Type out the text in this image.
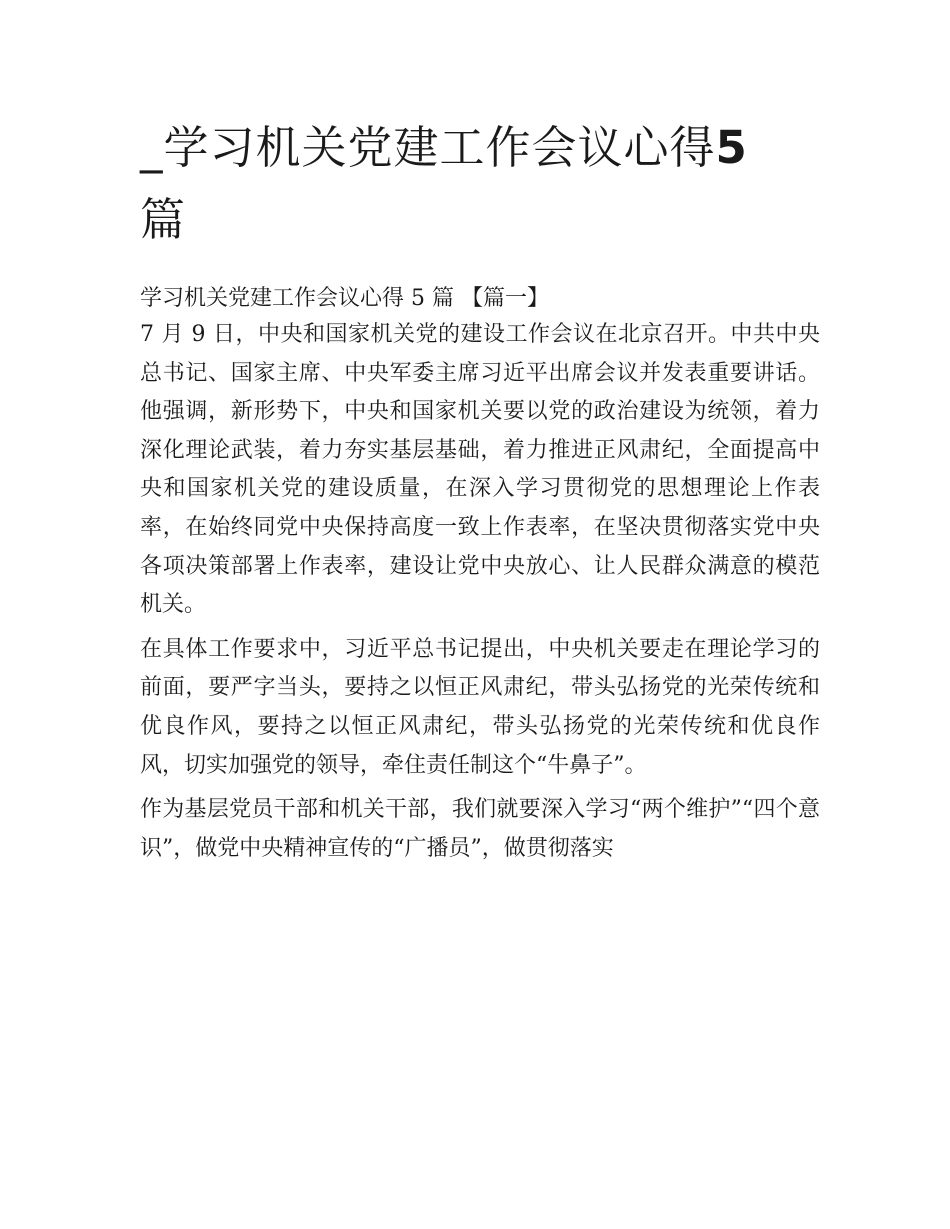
_学习机关党建工作会议心得5
篇

学习机关党建工作会议心得 5 篇 【篇一】

7 月 9 日，中央和国家机关党的建设工作会议在北京召开。中共中央总书记、国家主席、中央军委主席习近平出席会议并发表重要讲话。他强调，新形势下，中央和国家机关要以党的政治建设为统领，着力深化理论武装，着力夯实基层基础，着力推进正风肃纪，全面提高中央和国家机关党的建设质量，在深入学习贯彻党的思想理论上作表率，在始终同党中央保持高度一致上作表率，在坚决贯彻落实党中央各项决策部署上作表率，建设让党中央放心、让人民群众满意的模范机关。

在具体工作要求中，习近平总书记提出，中央机关要走在理论学习的前面，要严字当头，要持之以恒正风肃纪，带头弘扬党的光荣传统和优良作风，要持之以恒正风肃纪，带头弘扬党的光荣传统和优良作风，切实加强党的领导，牵住责任制这个“牛鼻子”。

作为基层党员干部和机关干部，我们就要深入学习“两个维护”“四个意识”，做党中央精神宣传的“广播员”，做贯彻落实
